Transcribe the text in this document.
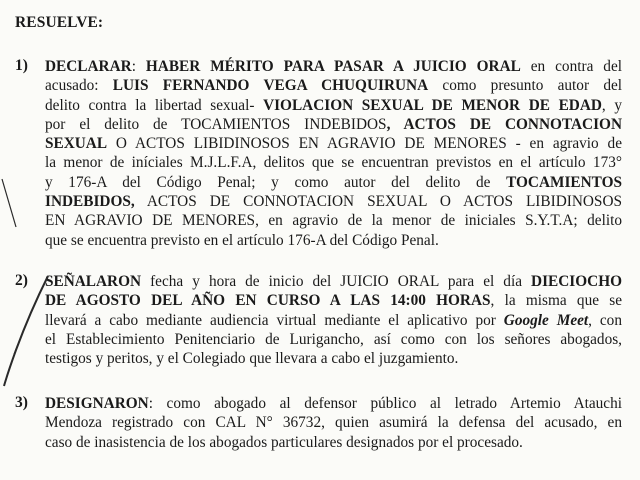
RESUELVE:
1) DECLARAR: HABER MÉRITO PARA PASAR A JUICIO ORAL en contra del
acusado: LUIS FERNANDO VEGA CHUQUIRUNA como presunto autor del
delito contra la libertad sexual- VIOLACION SEXUAL DE MENOR DE EDAD, y
por el delito de TOCAMIENTOS INDEBIDOS, ACTOS DE CONNOTACION
SEXUAL O ACTOS LIBIDINOSOS EN AGRAVIO DE MENORES - en agravio de
la menor de iníciales M.J.L.F.A, delitos que se encuentran previstos en el artículo 173°
y 176-A del Código Penal; y como autor del delito de TOCAMIENTOS
INDEBIDOS, ACTOS DE CONNOTACION SEXUAL O ACTOS LIBIDINOSOS
EN AGRAVIO DE MENORES, en agravio de la menor de iniciales S.Y.T.A; delito
que se encuentra previsto en el artículo 176-A del Código Penal.
2) SEÑALARON fecha y hora de inicio del JUICIO ORAL para el día DIECIOCHO
DE AGOSTO DEL AÑO EN CURSO A LAS 14:00 HORAS, la misma que se
llevará a cabo mediante audiencia virtual mediante el aplicativo por Google Meet, con
el Establecimiento Penitenciario de Lurigancho, así como con los señores abogados,
testigos y peritos, y el Colegiado que llevara a cabo el juzgamiento.
3) DESIGNARON: como abogado al defensor público al letrado Artemio Atauchi
Mendoza registrado con CAL N° 36732, quien asumirá la defensa del acusado, en
caso de inasistencia de los abogados particulares designados por el procesado.
